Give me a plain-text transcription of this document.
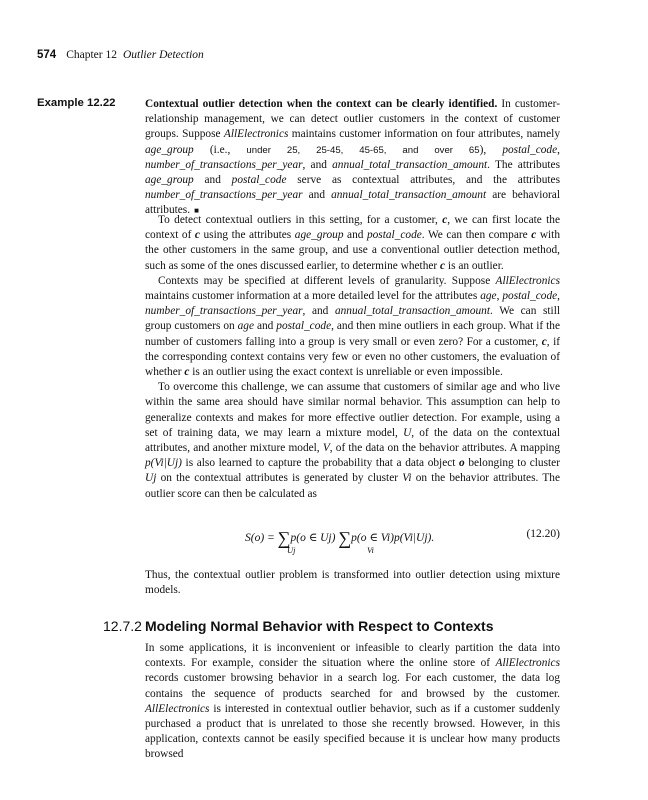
574 Chapter 12 Outlier Detection
Example 12.22	Contextual outlier detection when the context can be clearly identified. In customer-relationship management, we can detect outlier customers in the context of customer groups. Suppose AllElectronics maintains customer information on four attributes, namely age_group (i.e., under 25, 25-45, 45-65, and over 65), postal_code, number_of_transactions_per_year, and annual_total_transaction_amount. The attributes age_group and postal_code serve as contextual attributes, and the attributes number_of_transactions_per_year and annual_total_transaction_amount are behavioral attributes. ■

To detect contextual outliers in this setting, for a customer, c, we can first locate the context of c using the attributes age_group and postal_code. We can then compare c with the other customers in the same group, and use a conventional outlier detection method, such as some of the ones discussed earlier, to determine whether c is an outlier.

Contexts may be specified at different levels of granularity. Suppose AllElectronics maintains customer information at a more detailed level for the attributes age, postal_code, number_of_transactions_per_year, and annual_total_transaction_amount. We can still group customers on age and postal_code, and then mine outliers in each group. What if the number of customers falling into a group is very small or even zero? For a customer, c, if the corresponding context contains very few or even no other customers, the evaluation of whether c is an outlier using the exact context is unreliable or even impossible.

To overcome this challenge, we can assume that customers of similar age and who live within the same area should have similar normal behavior. This assumption can help to generalize contexts and makes for more effective outlier detection. For example, using a set of training data, we may learn a mixture model, U, of the data on the contextual attributes, and another mixture model, V, of the data on the behavior attributes. A mapping p(Vi|Uj) is also learned to capture the probability that a data object o belonging to cluster Uj on the contextual attributes is generated by cluster Vi on the behavior attributes. The outlier score can then be calculated as

S(o) = ∑p(o ∈ Uj) ∑p(o ∈ Vi)p(Vi|Uj).
Uj	Vi
(12.20)

Thus, the contextual outlier problem is transformed into outlier detection using mixture models.

12.7.2 Modeling Normal Behavior with Respect to Contexts

In some applications, it is inconvenient or infeasible to clearly partition the data into contexts. For example, consider the situation where the online store of AllElectronics records customer browsing behavior in a search log. For each customer, the data log contains the sequence of products searched for and browsed by the customer. AllElectronics is interested in contextual outlier behavior, such as if a customer suddenly purchased a product that is unrelated to those she recently browsed. However, in this application, contexts cannot be easily specified because it is unclear how many products browsed
